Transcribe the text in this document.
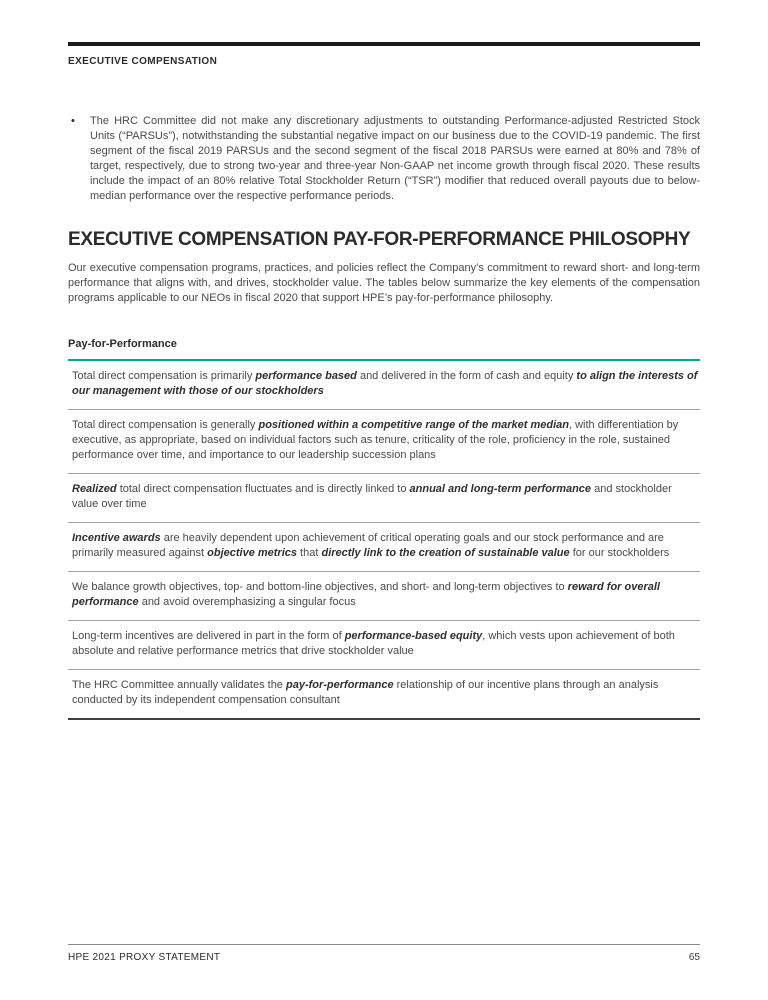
EXECUTIVE COMPENSATION
•	The HRC Committee did not make any discretionary adjustments to outstanding Performance-adjusted Restricted Stock Units (“PARSUs”), notwithstanding the substantial negative impact on our business due to the COVID-19 pandemic. The first segment of the fiscal 2019 PARSUs and the second segment of the fiscal 2018 PARSUs were earned at 80% and 78% of target, respectively, due to strong two-year and three-year Non-GAAP net income growth through fiscal 2020. These results include the impact of an 80% relative Total Stockholder Return (“TSR”) modifier that reduced overall payouts due to below-median performance over the respective performance periods.
EXECUTIVE COMPENSATION PAY-FOR-PERFORMANCE PHILOSOPHY

Our executive compensation programs, practices, and policies reflect the Company’s commitment to reward short- and long-term performance that aligns with, and drives, stockholder value. The tables below summarize the key elements of the compensation programs applicable to our NEOs in fiscal 2020 that support HPE’s pay-for-performance philosophy.

Pay-for-Performance
Total direct compensation is primarily performance based and delivered in the form of cash and equity to align the interests of our management with those of our stockholders
Total direct compensation is generally positioned within a competitive range of the market median, with differentiation by executive, as appropriate, based on individual factors such as tenure, criticality of the role, proficiency in the role, sustained performance over time, and importance to our leadership succession plans
Realized total direct compensation fluctuates and is directly linked to annual and long-term performance and stockholder value over time
Incentive awards are heavily dependent upon achievement of critical operating goals and our stock performance and are primarily measured against objective metrics that directly link to the creation of sustainable value for our stockholders
We balance growth objectives, top- and bottom-line objectives, and short- and long-term objectives to reward for overall performance and avoid overemphasizing a singular focus
Long-term incentives are delivered in part in the form of performance-based equity, which vests upon achievement of both absolute and relative performance metrics that drive stockholder value
The HRC Committee annually validates the pay-for-performance relationship of our incentive plans through an analysis conducted by its independent compensation consultant
HPE 2021 PROXY STATEMENT	65
